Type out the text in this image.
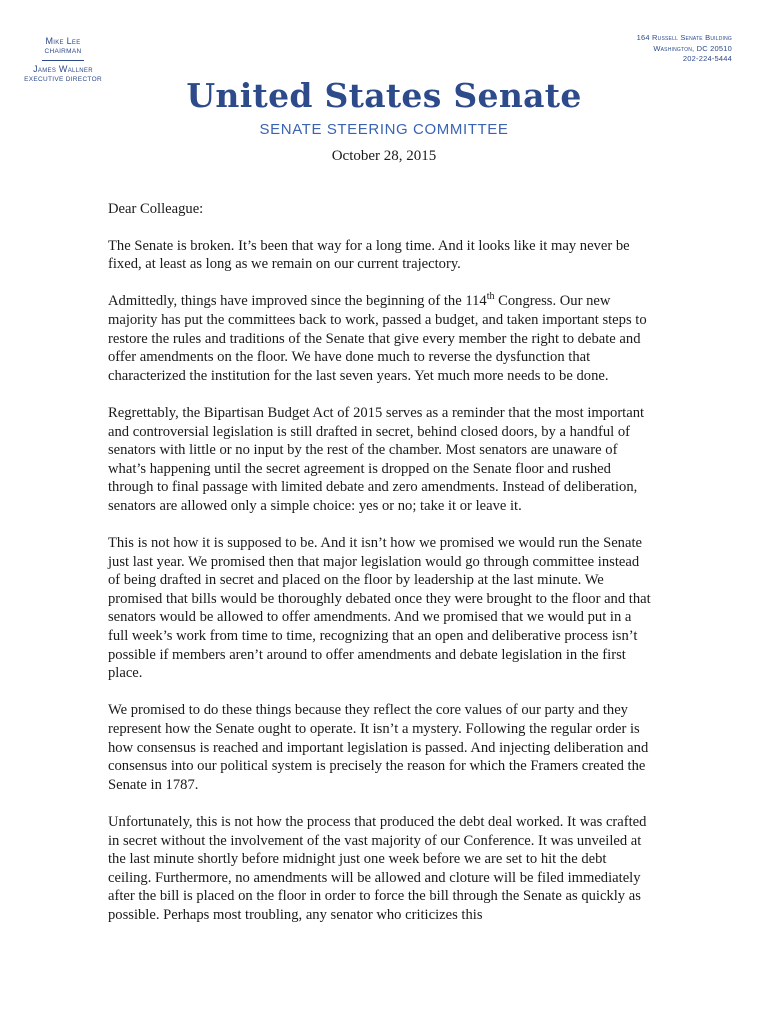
Mike Lee
CHAIRMAN
James Wallner
EXECUTIVE DIRECTOR
164 Russell Senate Building
Washington, DC 20510
202-224-5444
United States Senate
SENATE STEERING COMMITTEE
October 28, 2015

Dear Colleague:

The Senate is broken. It’s been that way for a long time. And it looks like it may never be fixed, at least as long as we remain on our current trajectory.

Admittedly, things have improved since the beginning of the 114th Congress. Our new majority has put the committees back to work, passed a budget, and taken important steps to restore the rules and traditions of the Senate that give every member the right to debate and offer amendments on the floor. We have done much to reverse the dysfunction that characterized the institution for the last seven years. Yet much more needs to be done.

Regrettably, the Bipartisan Budget Act of 2015 serves as a reminder that the most important and controversial legislation is still drafted in secret, behind closed doors, by a handful of senators with little or no input by the rest of the chamber. Most senators are unaware of what’s happening until the secret agreement is dropped on the Senate floor and rushed through to final passage with limited debate and zero amendments. Instead of deliberation, senators are allowed only a simple choice: yes or no; take it or leave it.

This is not how it is supposed to be. And it isn’t how we promised we would run the Senate just last year. We promised then that major legislation would go through committee instead of being drafted in secret and placed on the floor by leadership at the last minute. We promised that bills would be thoroughly debated once they were brought to the floor and that senators would be allowed to offer amendments. And we promised that we would put in a full week’s work from time to time, recognizing that an open and deliberative process isn’t possible if members aren’t around to offer amendments and debate legislation in the first place.

We promised to do these things because they reflect the core values of our party and they represent how the Senate ought to operate. It isn’t a mystery. Following the regular order is how consensus is reached and important legislation is passed. And injecting deliberation and consensus into our political system is precisely the reason for which the Framers created the Senate in 1787.

Unfortunately, this is not how the process that produced the debt deal worked. It was crafted in secret without the involvement of the vast majority of our Conference. It was unveiled at the last minute shortly before midnight just one week before we are set to hit the debt ceiling. Furthermore, no amendments will be allowed and cloture will be filed immediately after the bill is placed on the floor in order to force the bill through the Senate as quickly as possible. Perhaps most troubling, any senator who criticizes this
